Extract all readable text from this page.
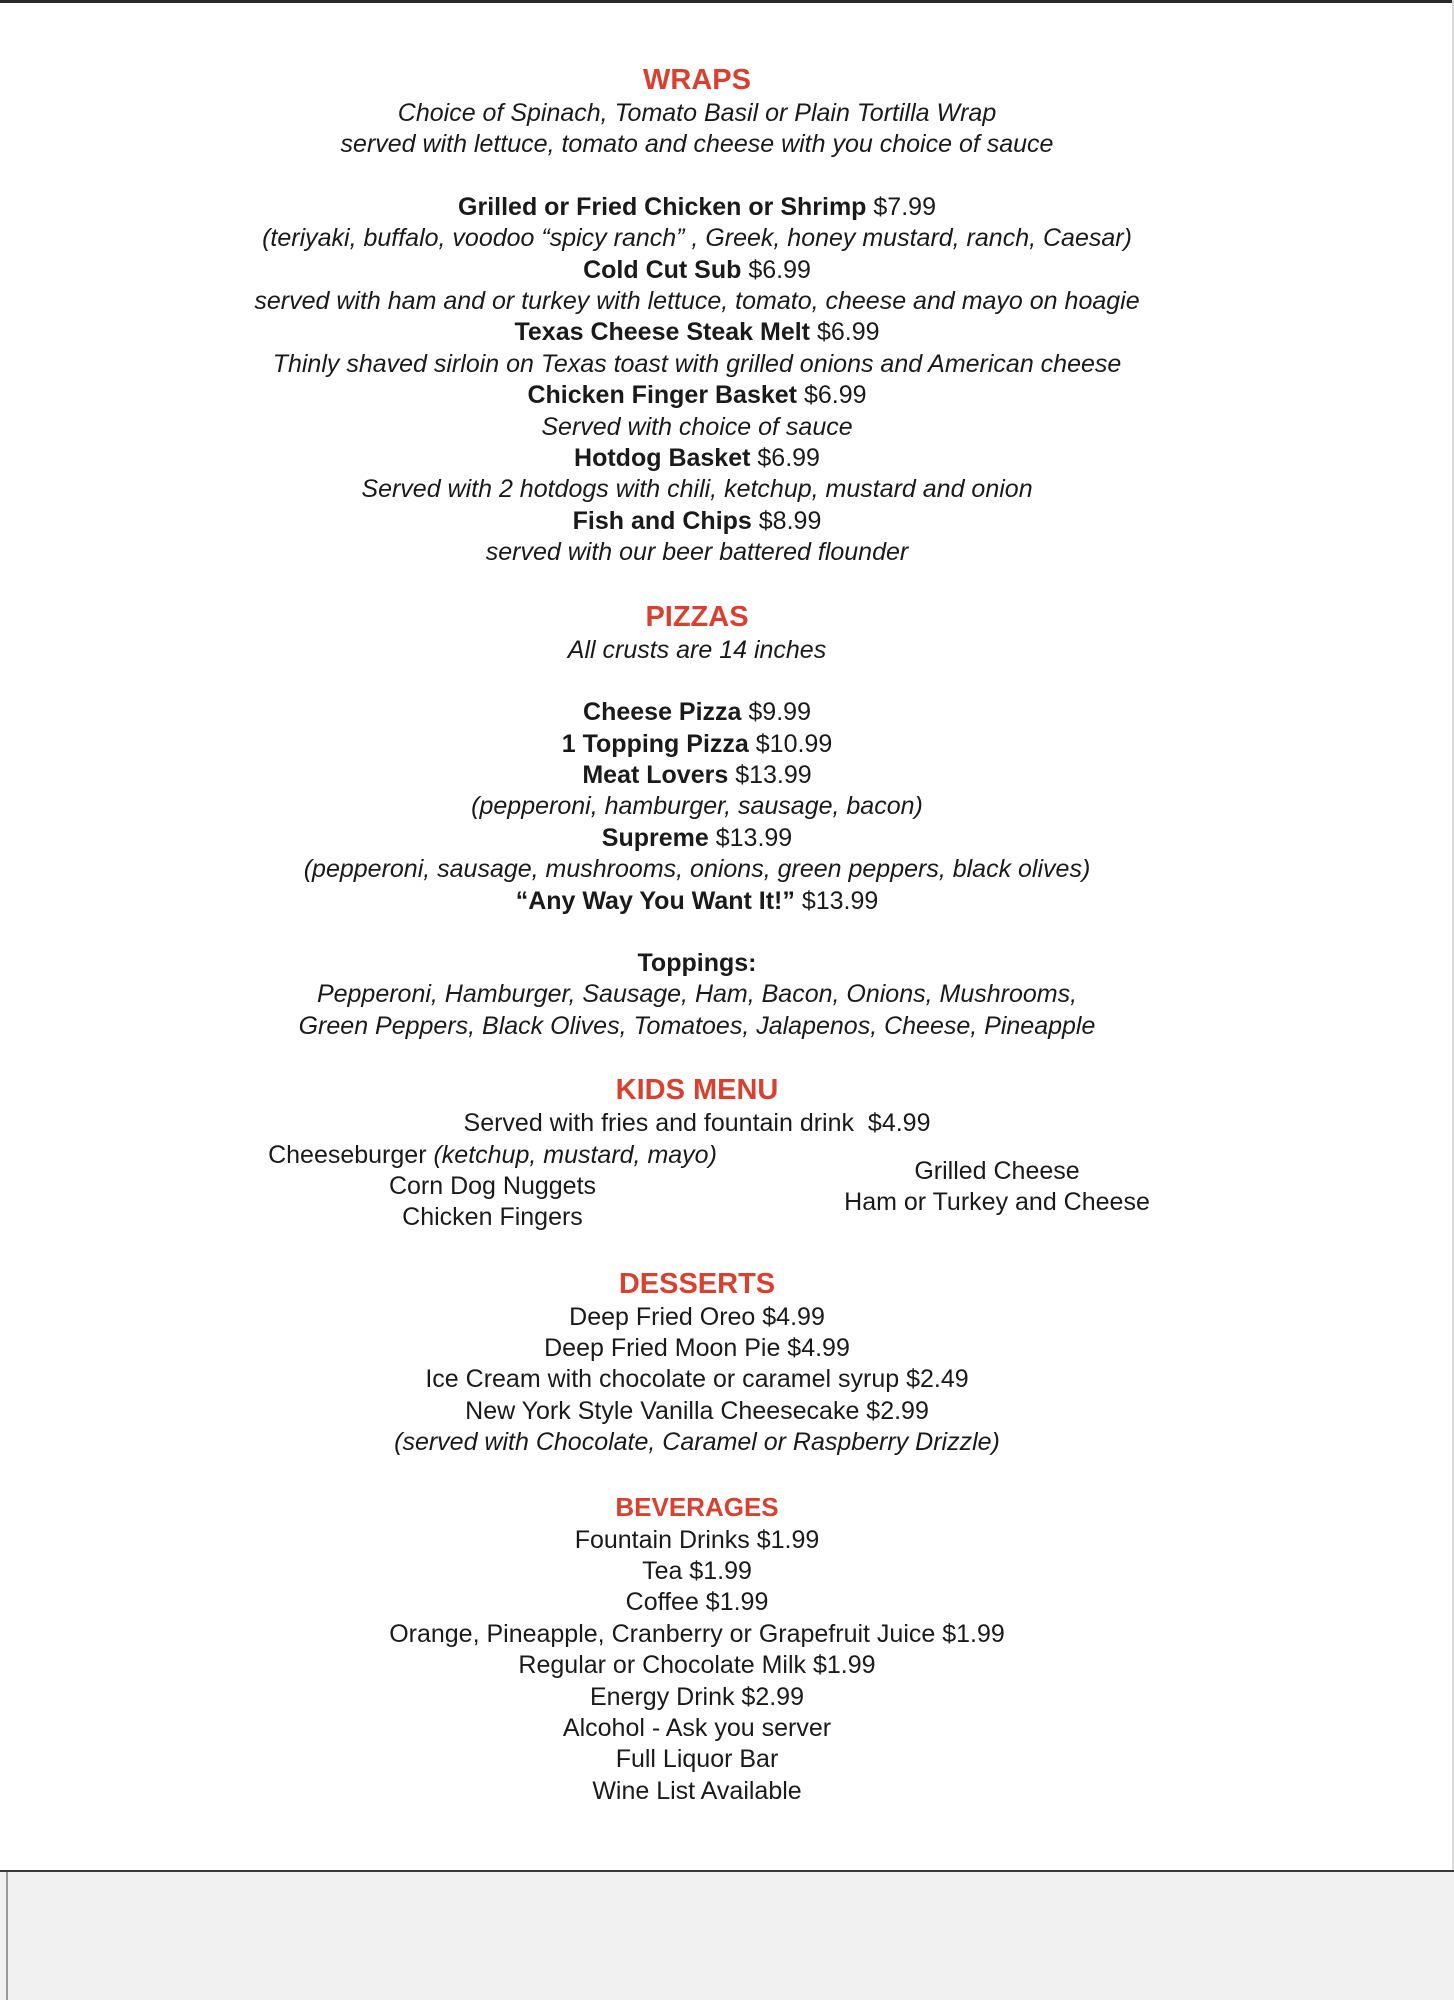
WRAPS
Choice of Spinach, Tomato Basil or Plain Tortilla Wrap
served with lettuce, tomato and cheese with you choice of sauce
Grilled or Fried Chicken or Shrimp $7.99
(teriyaki, buffalo, voodoo “spicy ranch” , Greek, honey mustard, ranch, Caesar)
Cold Cut Sub $6.99
served with ham and or turkey with lettuce, tomato, cheese and mayo on hoagie
Texas Cheese Steak Melt $6.99
Thinly shaved sirloin on Texas toast with grilled onions and American cheese
Chicken Finger Basket $6.99
Served with choice of sauce
Hotdog Basket $6.99
Served with 2 hotdogs with chili, ketchup, mustard and onion
Fish and Chips $8.99
served with our beer battered flounder
PIZZAS
All crusts are 14 inches
Cheese Pizza $9.99
1 Topping Pizza $10.99
Meat Lovers $13.99
(pepperoni, hamburger, sausage, bacon)
Supreme $13.99
(pepperoni, sausage, mushrooms, onions, green peppers, black olives)
“Any Way You Want It!” $13.99
Toppings:
Pepperoni, Hamburger, Sausage, Ham, Bacon, Onions, Mushrooms,
Green Peppers, Black Olives, Tomatoes, Jalapenos, Cheese, Pineapple
KIDS MENU
Served with fries and fountain drink $4.99
Cheeseburger (ketchup, mustard, mayo)
Corn Dog Nuggets
Chicken Fingers
Grilled Cheese
Ham or Turkey and Cheese
DESSERTS
Deep Fried Oreo $4.99
Deep Fried Moon Pie $4.99
Ice Cream with chocolate or caramel syrup $2.49
New York Style Vanilla Cheesecake $2.99
(served with Chocolate, Caramel or Raspberry Drizzle)
BEVERAGES
Fountain Drinks $1.99
Tea $1.99
Coffee $1.99
Orange, Pineapple, Cranberry or Grapefruit Juice $1.99
Regular or Chocolate Milk $1.99
Energy Drink $2.99
Alcohol - Ask you server
Full Liquor Bar
Wine List Available
